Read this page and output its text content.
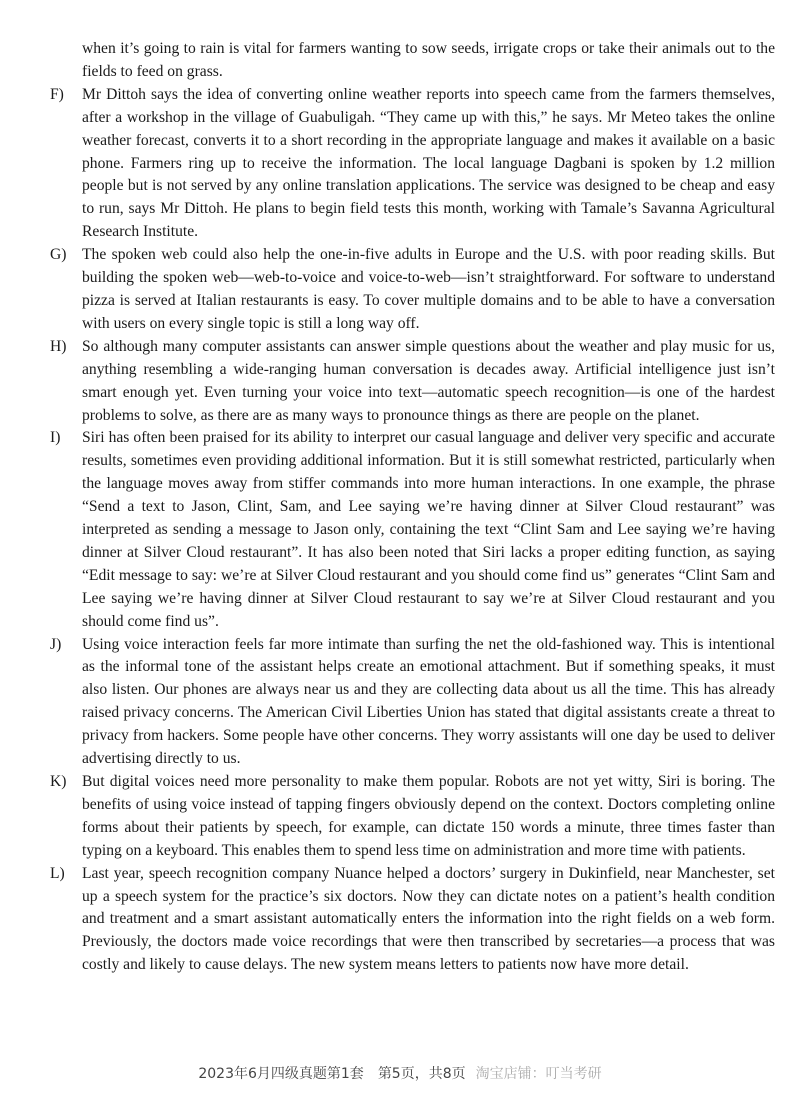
when it’s going to rain is vital for farmers wanting to sow seeds, irrigate crops or take their animals out to the fields to feed on grass.

F) Mr Dittoh says the idea of converting online weather reports into speech came from the farmers themselves, after a workshop in the village of Guabuligah. “They came up with this,” he says. Mr Meteo takes the online weather forecast, converts it to a short recording in the appropriate language and makes it available on a basic phone. Farmers ring up to receive the information. The local language Dagbani is spoken by 1.2 million people but is not served by any online translation applications. The service was designed to be cheap and easy to run, says Mr Dittoh. He plans to begin field tests this month, working with Tamale’s Savanna Agricultural Research Institute.

G) The spoken web could also help the one-in-five adults in Europe and the U.S. with poor reading skills. But building the spoken web—web-to-voice and voice-to-web—isn’t straightforward. For software to understand pizza is served at Italian restaurants is easy. To cover multiple domains and to be able to have a conversation with users on every single topic is still a long way off.

H) So although many computer assistants can answer simple questions about the weather and play music for us, anything resembling a wide-ranging human conversation is decades away. Artificial intelligence just isn’t smart enough yet. Even turning your voice into text—automatic speech recognition—is one of the hardest problems to solve, as there are as many ways to pronounce things as there are people on the planet.

I) Siri has often been praised for its ability to interpret our casual language and deliver very specific and accurate results, sometimes even providing additional information. But it is still somewhat restricted, particularly when the language moves away from stiffer commands into more human interactions. In one example, the phrase “Send a text to Jason, Clint, Sam, and Lee saying we’re having dinner at Silver Cloud restaurant” was interpreted as sending a message to Jason only, containing the text “Clint Sam and Lee saying we’re having dinner at Silver Cloud restaurant”. It has also been noted that Siri lacks a proper editing function, as saying “Edit message to say: we’re at Silver Cloud restaurant and you should come find us” generates “Clint Sam and Lee saying we’re having dinner at Silver Cloud restaurant to say we’re at Silver Cloud restaurant and you should come find us”.

J) Using voice interaction feels far more intimate than surfing the net the old-fashioned way. This is intentional as the informal tone of the assistant helps create an emotional attachment. But if something speaks, it must also listen. Our phones are always near us and they are collecting data about us all the time. This has already raised privacy concerns. The American Civil Liberties Union has stated that digital assistants create a threat to privacy from hackers. Some people have other concerns. They worry assistants will one day be used to deliver advertising directly to us.

K) But digital voices need more personality to make them popular. Robots are not yet witty, Siri is boring. The benefits of using voice instead of tapping fingers obviously depend on the context. Doctors completing online forms about their patients by speech, for example, can dictate 150 words a minute, three times faster than typing on a keyboard. This enables them to spend less time on administration and more time with patients.

L) Last year, speech recognition company Nuance helped a doctors’ surgery in Dukinfield, near Manchester, set up a speech system for the practice’s six doctors. Now they can dictate notes on a patient’s health condition and treatment and a smart assistant automatically enters the information into the right fields on a web form. Previously, the doctors made voice recordings that were then transcribed by secretaries—a process that was costly and likely to cause delays. The new system means letters to patients now have more detail.

2023年6月四级真题第1套 第5页，共8页 淘宝店铺：叮当考研
